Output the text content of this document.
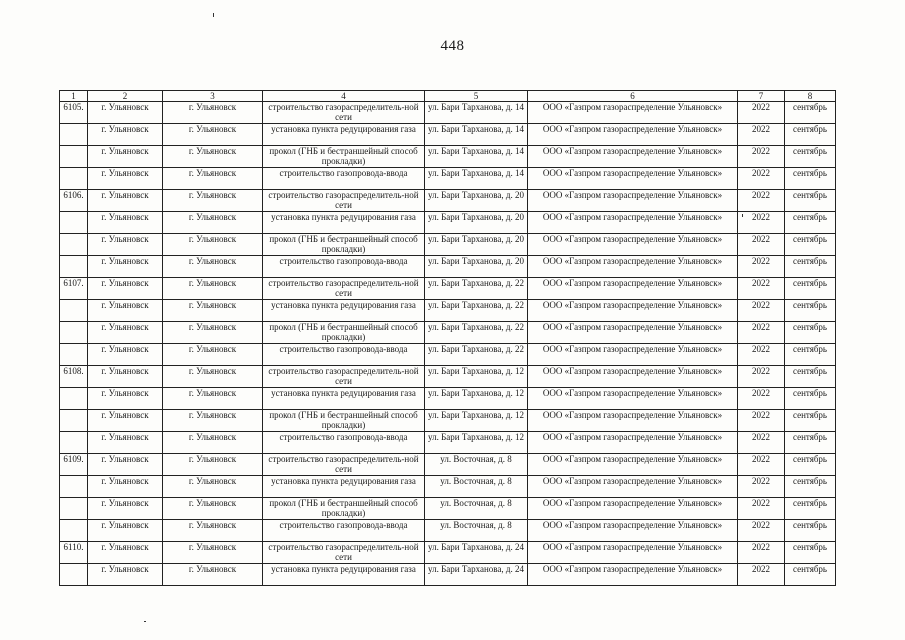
448
1	2	3	4	5	6	7	8
6105.	г. Ульяновск	г. Ульяновск	строительство газораспределитель-ной сети	ул. Бари Тарханова, д. 14	ООО «Газпром газораспределение Ульяновск»	2022	сентябрь
	г. Ульяновск	г. Ульяновск	установка пункта редуцирования газа	ул. Бари Тарханова, д. 14	ООО «Газпром газораспределение Ульяновск»	2022	сентябрь
	г. Ульяновск	г. Ульяновск	прокол (ГНБ и бестраншейный способ прокладки)	ул. Бари Тарханова, д. 14	ООО «Газпром газораспределение Ульяновск»	2022	сентябрь
	г. Ульяновск	г. Ульяновск	строительство газопровода-ввода	ул. Бари Тарханова, д. 14	ООО «Газпром газораспределение Ульяновск»	2022	сентябрь
6106.	г. Ульяновск	г. Ульяновск	строительство газораспределитель-ной сети	ул. Бари Тарханова, д. 20	ООО «Газпром газораспределение Ульяновск»	2022	сентябрь
	г. Ульяновск	г. Ульяновск	установка пункта редуцирования газа	ул. Бари Тарханова, д. 20	ООО «Газпром газораспределение Ульяновск»	2022	сентябрь
	г. Ульяновск	г. Ульяновск	прокол (ГНБ и бестраншейный способ прокладки)	ул. Бари Тарханова, д. 20	ООО «Газпром газораспределение Ульяновск»	2022	сентябрь
	г. Ульяновск	г. Ульяновск	строительство газопровода-ввода	ул. Бари Тарханова, д. 20	ООО «Газпром газораспределение Ульяновск»	2022	сентябрь
6107.	г. Ульяновск	г. Ульяновск	строительство газораспределитель-ной сети	ул. Бари Тарханова, д. 22	ООО «Газпром газораспределение Ульяновск»	2022	сентябрь
	г. Ульяновск	г. Ульяновск	установка пункта редуцирования газа	ул. Бари Тарханова, д. 22	ООО «Газпром газораспределение Ульяновск»	2022	сентябрь
	г. Ульяновск	г. Ульяновск	прокол (ГНБ и бестраншейный способ прокладки)	ул. Бари Тарханова, д. 22	ООО «Газпром газораспределение Ульяновск»	2022	сентябрь
	г. Ульяновск	г. Ульяновск	строительство газопровода-ввода	ул. Бари Тарханова, д. 22	ООО «Газпром газораспределение Ульяновск»	2022	сентябрь
6108.	г. Ульяновск	г. Ульяновск	строительство газораспределитель-ной сети	ул. Бари Тарханова, д. 12	ООО «Газпром газораспределение Ульяновск»	2022	сентябрь
	г. Ульяновск	г. Ульяновск	установка пункта редуцирования газа	ул. Бари Тарханова, д. 12	ООО «Газпром газораспределение Ульяновск»	2022	сентябрь
	г. Ульяновск	г. Ульяновск	прокол (ГНБ и бестраншейный способ прокладки)	ул. Бари Тарханова, д. 12	ООО «Газпром газораспределение Ульяновск»	2022	сентябрь
	г. Ульяновск	г. Ульяновск	строительство газопровода-ввода	ул. Бари Тарханова, д. 12	ООО «Газпром газораспределение Ульяновск»	2022	сентябрь
6109.	г. Ульяновск	г. Ульяновск	строительство газораспределитель-ной сети	ул. Восточная, д. 8	ООО «Газпром газораспределение Ульяновск»	2022	сентябрь
	г. Ульяновск	г. Ульяновск	установка пункта редуцирования газа	ул. Восточная, д. 8	ООО «Газпром газораспределение Ульяновск»	2022	сентябрь
	г. Ульяновск	г. Ульяновск	прокол (ГНБ и бестраншейный способ прокладки)	ул. Восточная, д. 8	ООО «Газпром газораспределение Ульяновск»	2022	сентябрь
	г. Ульяновск	г. Ульяновск	строительство газопровода-ввода	ул. Восточная, д. 8	ООО «Газпром газораспределение Ульяновск»	2022	сентябрь
6110.	г. Ульяновск	г. Ульяновск	строительство газораспределитель-ной сети	ул. Бари Тарханова, д. 24	ООО «Газпром газораспределение Ульяновск»	2022	сентябрь
	г. Ульяновск	г. Ульяновск	установка пункта редуцирования газа	ул. Бари Тарханова, д. 24	ООО «Газпром газораспределение Ульяновск»	2022	сентябрь
